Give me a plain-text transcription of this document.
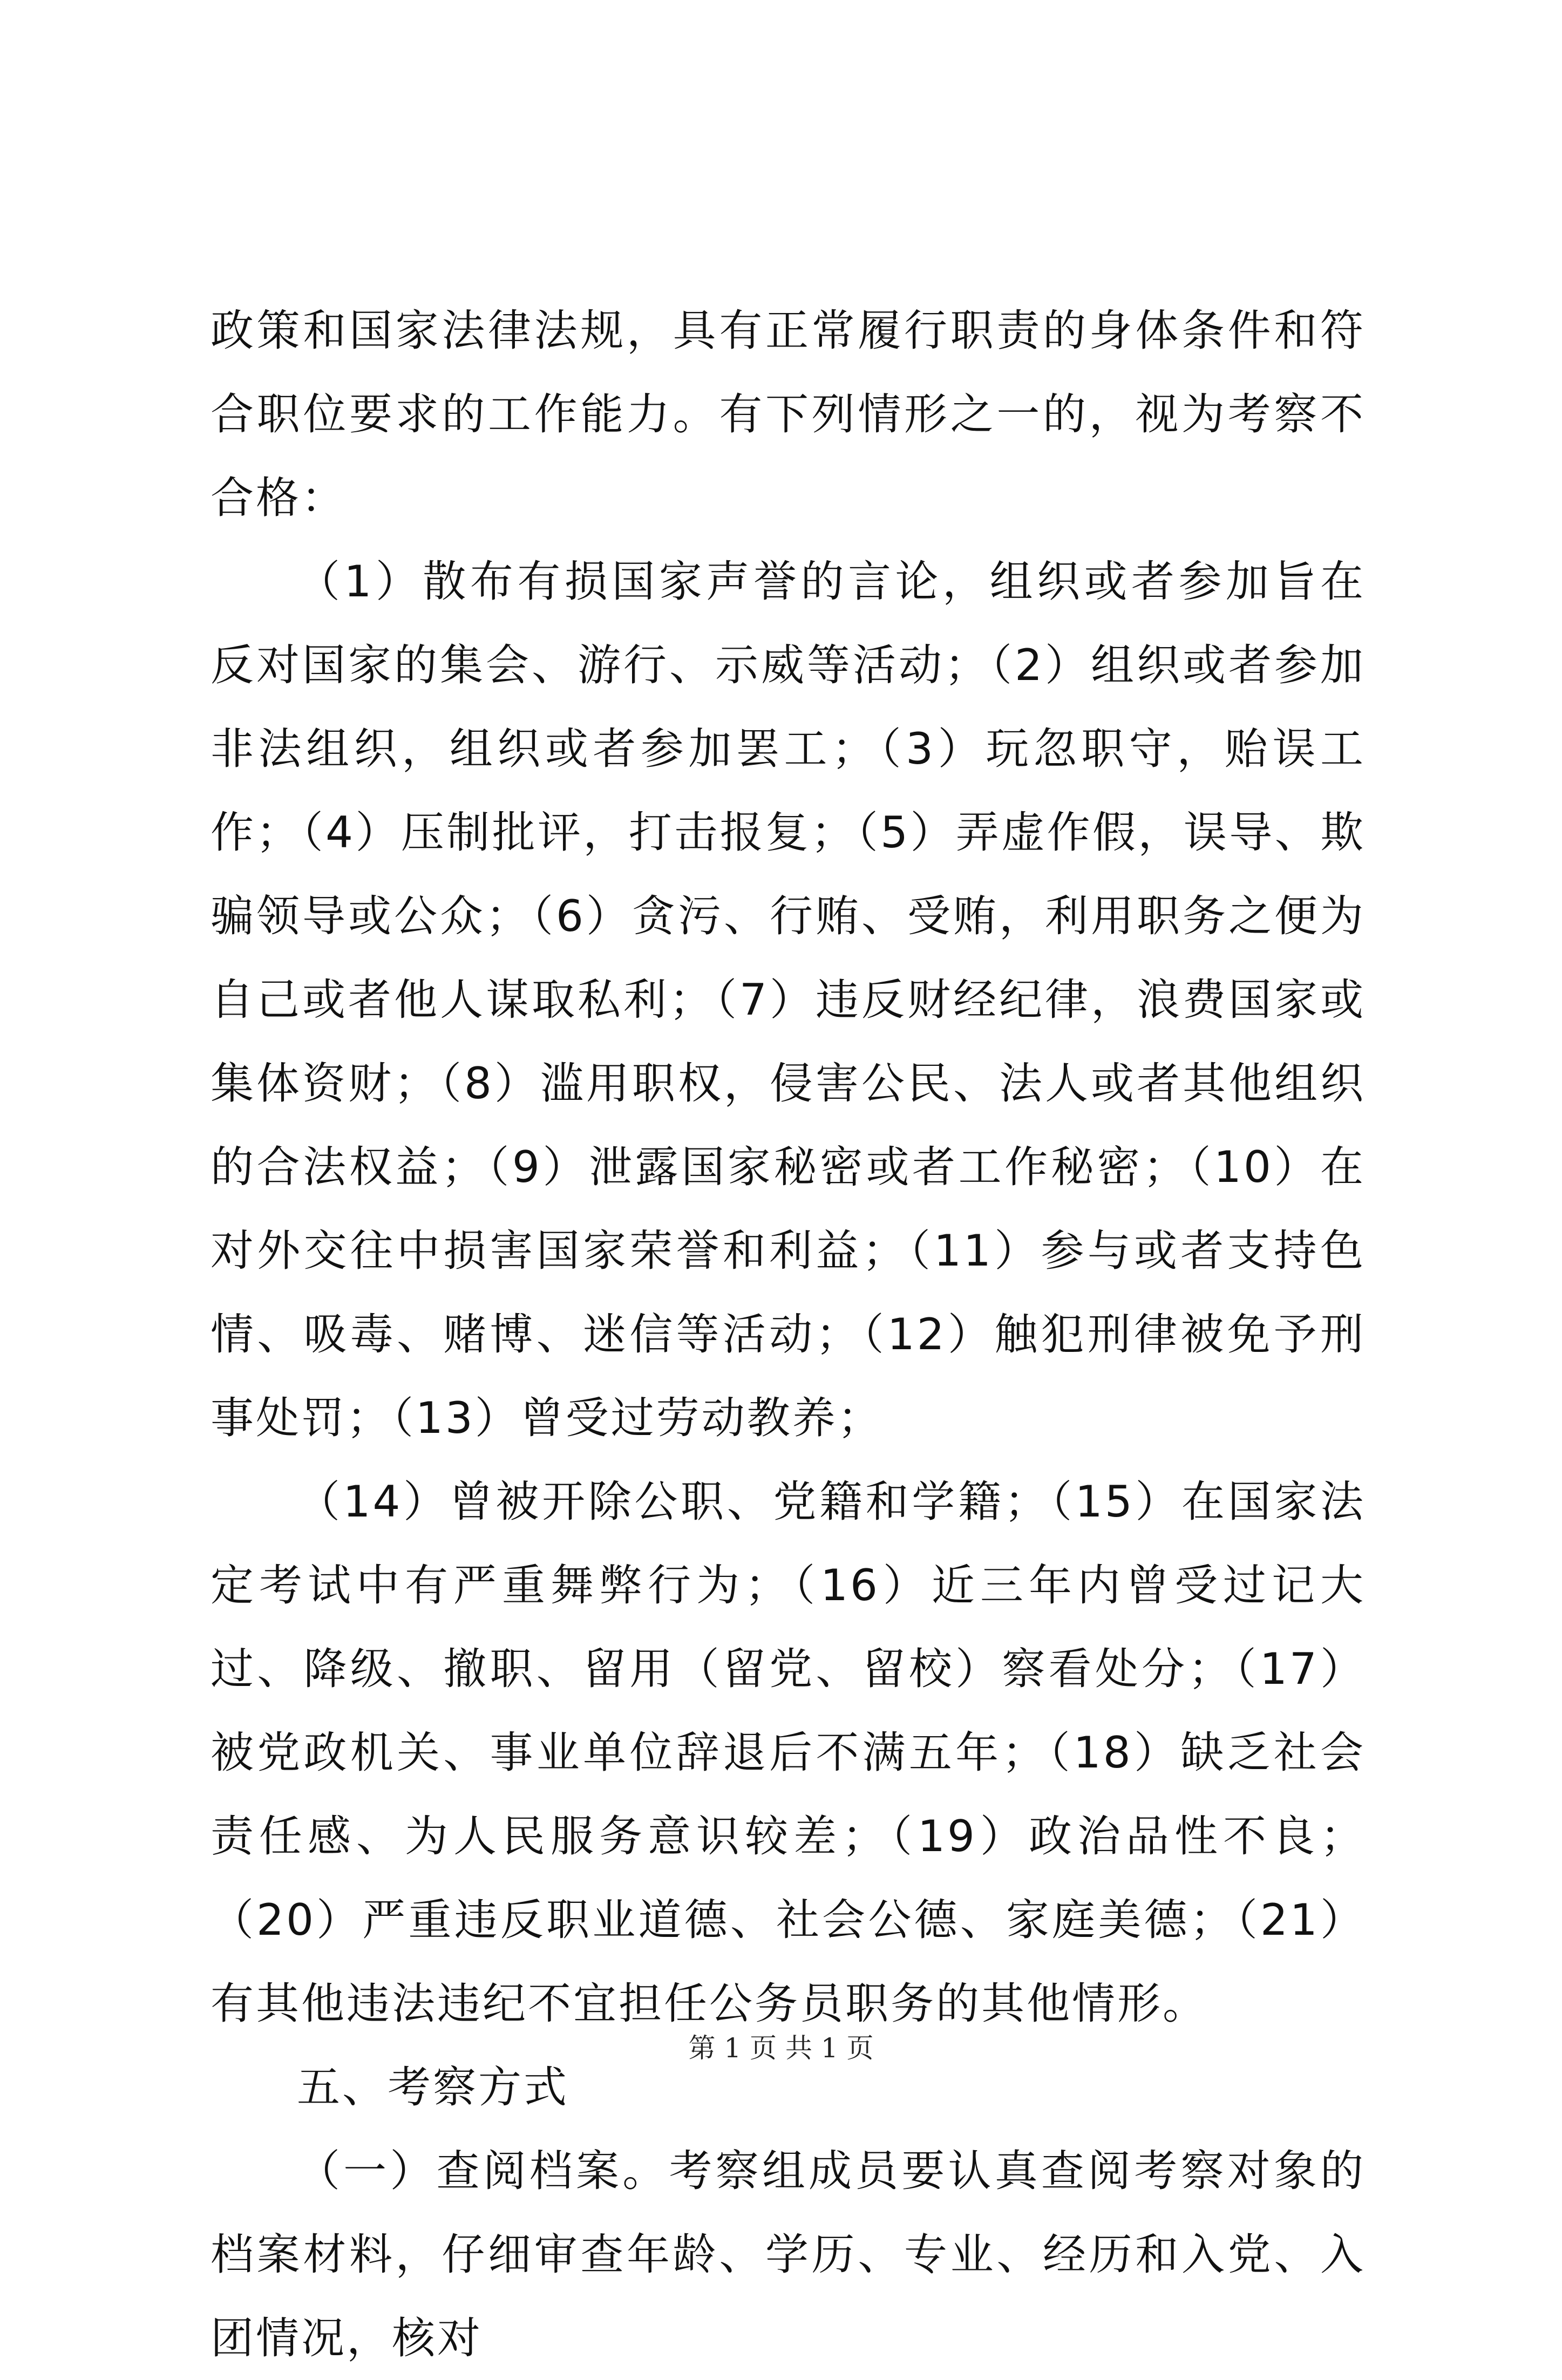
政策和国家法律法规，具有正常履行职责的身体条件和符合职位要求的工作能力。有下列情形之一的，视为考察不合格：

（1）散布有损国家声誉的言论，组织或者参加旨在反对国家的集会、游行、示威等活动；（2）组织或者参加非法组织，组织或者参加罢工；（3）玩忽职守，贻误工作；（4）压制批评，打击报复；（5）弄虚作假，误导、欺骗领导或公众；（6）贪污、行贿、受贿，利用职务之便为自己或者他人谋取私利；（7）违反财经纪律，浪费国家或集体资财；（8）滥用职权，侵害公民、法人或者其他组织的合法权益；（9）泄露国家秘密或者工作秘密；（10）在对外交往中损害国家荣誉和利益；（11）参与或者支持色情、吸毒、赌博、迷信等活动；（12）触犯刑律被免予刑事处罚；（13）曾受过劳动教养；

（14）曾被开除公职、党籍和学籍；（15）在国家法定考试中有严重舞弊行为；（16）近三年内曾受过记大过、降级、撤职、留用（留党、留校）察看处分；（17）被党政机关、事业单位辞退后不满五年；（18）缺乏社会责任感、为人民服务意识较差；（19）政治品性不良；（20）严重违反职业道德、社会公德、家庭美德；（21）有其他违法违纪不宜担任公务员职务的其他情形。

五、考察方式

（一）查阅档案。考察组成员要认真查阅考察对象的档案材料，仔细审查年龄、学历、专业、经历和入党、入团情况，核对

第 1 页 共 1 页
